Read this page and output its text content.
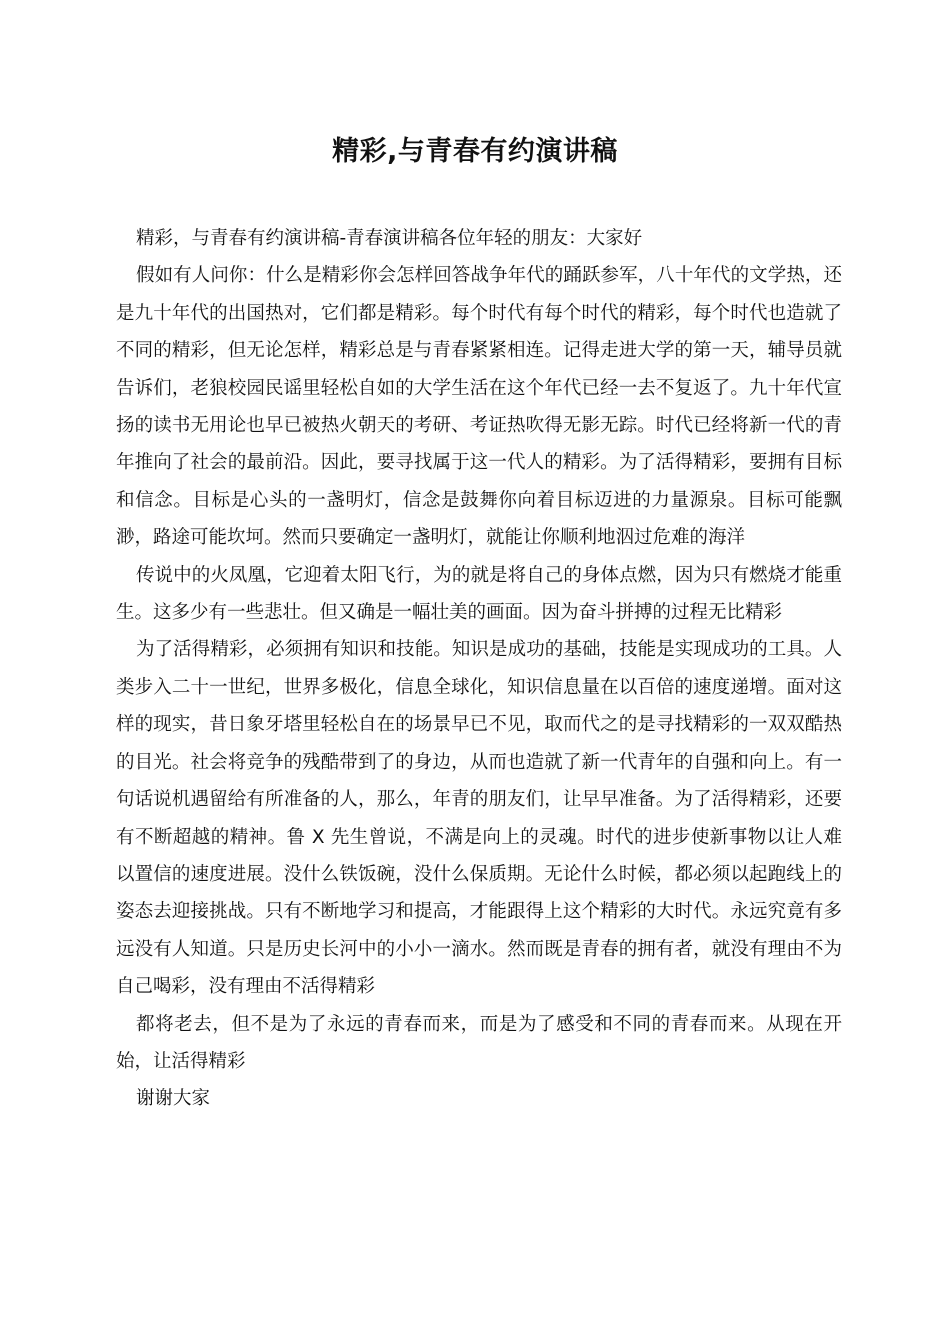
精彩,与青春有约演讲稿

精彩，与青春有约演讲稿-青春演讲稿各位年轻的朋友：大家好

假如有人问你：什么是精彩你会怎样回答战争年代的踊跃参军，八十年代的文学热，还是九十年代的出国热对，它们都是精彩。每个时代有每个时代的精彩，每个时代也造就了不同的精彩，但无论怎样，精彩总是与青春紧紧相连。记得走进大学的第一天，辅导员就告诉们，老狼校园民谣里轻松自如的大学生活在这个年代已经一去不复返了。九十年代宣扬的读书无用论也早已被热火朝天的考研、考证热吹得无影无踪。时代已经将新一代的青年推向了社会的最前沿。因此，要寻找属于这一代人的精彩。为了活得精彩，要拥有目标和信念。目标是心头的一盏明灯，信念是鼓舞你向着目标迈进的力量源泉。目标可能飘渺，路途可能坎坷。然而只要确定一盏明灯，就能让你顺利地泅过危难的海洋

传说中的火凤凰，它迎着太阳飞行，为的就是将自己的身体点燃，因为只有燃烧才能重生。这多少有一些悲壮。但又确是一幅壮美的画面。因为奋斗拼搏的过程无比精彩

为了活得精彩，必须拥有知识和技能。知识是成功的基础，技能是实现成功的工具。人类步入二十一世纪，世界多极化，信息全球化，知识信息量在以百倍的速度递增。面对这样的现实，昔日象牙塔里轻松自在的场景早已不见，取而代之的是寻找精彩的一双双酷热的目光。社会将竞争的残酷带到了的身边，从而也造就了新一代青年的自强和向上。有一句话说机遇留给有所准备的人，那么，年青的朋友们，让早早准备。为了活得精彩，还要有不断超越的精神。鲁 X 先生曾说，不满是向上的灵魂。时代的进步使新事物以让人难以置信的速度进展。没什么铁饭碗，没什么保质期。无论什么时候，都必须以起跑线上的姿态去迎接挑战。只有不断地学习和提高，才能跟得上这个精彩的大时代。永远究竟有多远没有人知道。只是历史长河中的小小一滴水。然而既是青春的拥有者，就没有理由不为自己喝彩，没有理由不活得精彩

都将老去，但不是为了永远的青春而来，而是为了感受和不同的青春而来。从现在开始，让活得精彩

谢谢大家
